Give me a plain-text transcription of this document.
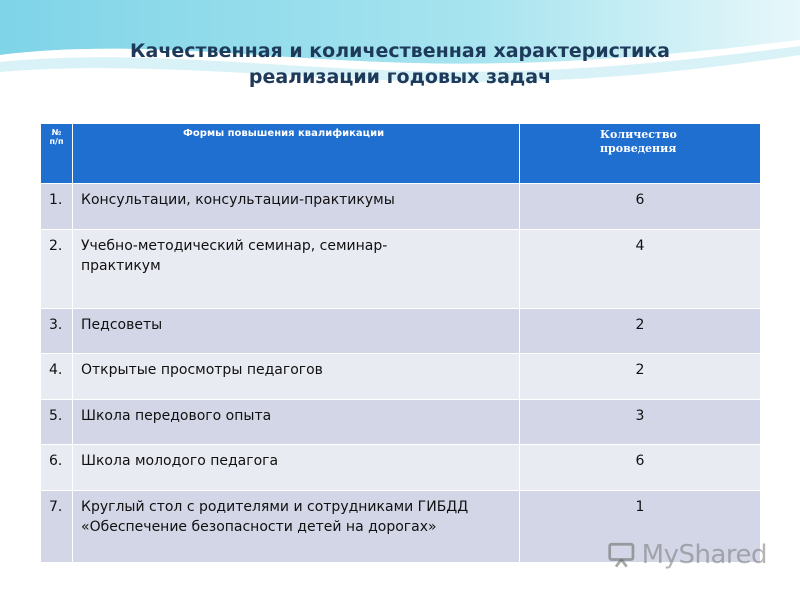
Качественная и количественная характеристика
реализации годовых задач
№ п/п	Формы повышения квалификации	Количество проведения

1.	Консультации, консультации-практикумы	6
2.	Учебно-методический семинар, семинар-практикум	4
3.	Педсоветы	2
4.	Открытые просмотры педагогов	2
5.	Школа передового опыта	3
6.	Школа молодого педагога	6
7.	Круглый стол с родителями и сотрудниками ГИБДД «Обеспечение безопасности детей на дорогах»	1
MyShared
